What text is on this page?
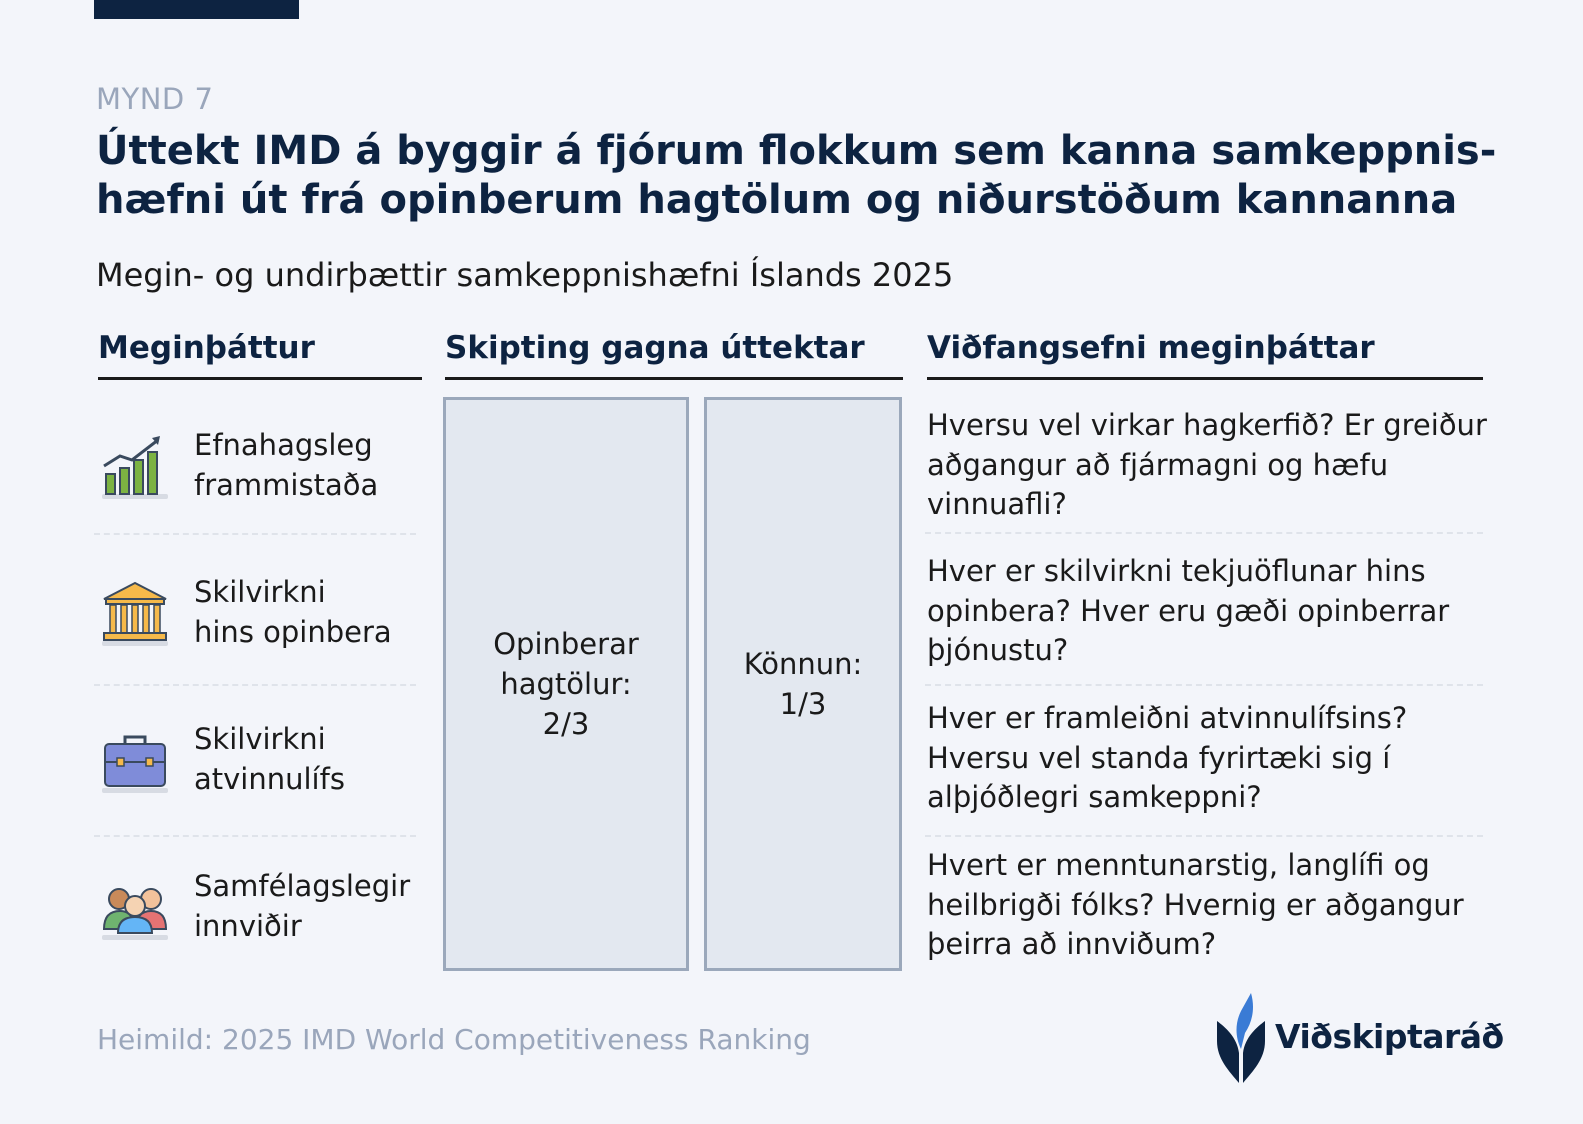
MYND 7
Úttekt IMD á byggir á fjórum flokkum sem kanna samkeppnis-hæfni út frá opinberum hagtölum og niðurstöðum kannanna
Megin- og undirþættir samkeppnishæfni Íslands 2025
Meginþáttur	Skipting gagna úttektar Viðfangsefni meginþáttar
Efnahagsleg
frammistaða
Skilvirkni
hins opinbera
Skilvirkni
atvinnulífs
Samfélagslegir
innviðir
Opinberar
hagtölur:
2/3
Könnun:
1/3
Hversu vel virkar hagkerfið? Er greiður aðgangur að fjármagni og hæfu vinnuafli?
Hver er skilvirkni tekjuöflunar hins opinbera? Hver eru gæði opinberrar þjónustu?
Hver er framleiðni atvinnulífsins? Hversu vel standa fyrirtæki sig í alþjóðlegri samkeppni?
Hvert er menntunarstig, langlífi og heilbrigði fólks? Hvernig er aðgangur þeirra að innviðum?
Heimild: 2025 IMD World Competitiveness Ranking	Viðskiptaráð
